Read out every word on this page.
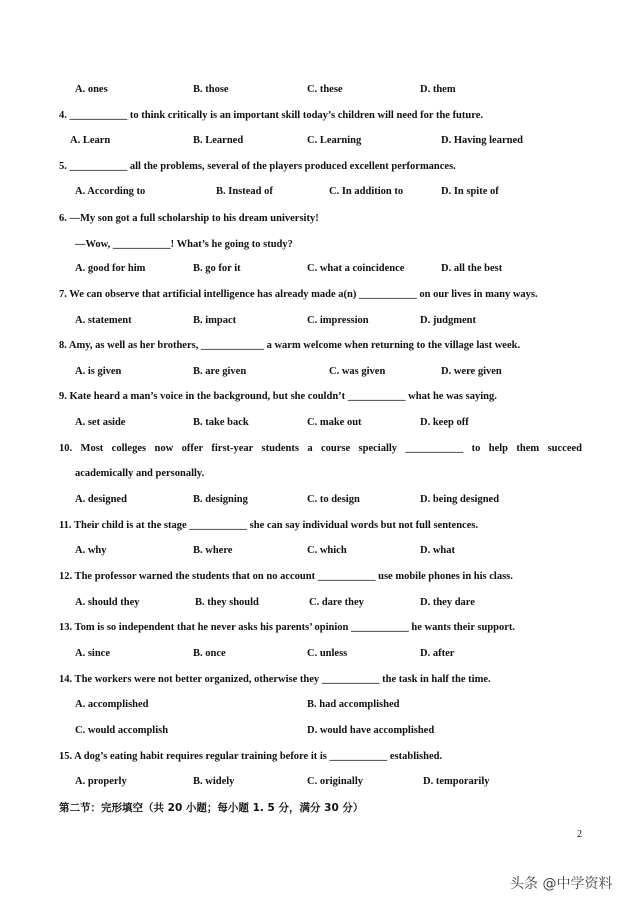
A. ones	B. those	C. these	D. them
4. ___________ to think critically is an important skill today’s children will need for the future.
A. Learn	B. Learned	C. Learning	D. Having learned
5. ___________ all the problems, several of the players produced excellent performances.
A. According to	B. Instead of	C. In addition to	D. In spite of
6. —My son got a full scholarship to his dream university!
—Wow, ___________! What’s he going to study?
A. good for him	B. go for it	C. what a coincidence	D. all the best
7. We can observe that artificial intelligence has already made a(n) ___________ on our lives in many ways.
A. statement	B. impact	C. impression	D. judgment
8. Amy, as well as her brothers, ____________ a warm welcome when returning to the village last week.
A. is given	B. are given	C. was given	D. were given
9. Kate heard a man’s voice in the background, but she couldn’t ___________ what he was saying.
A. set aside	B. take back	C. make out	D. keep off
10. Most colleges now offer first-year students a course specially ___________ to help them succeed
academically and personally.
A. designed	B. designing	C. to design	D. being designed
11. Their child is at the stage ___________ she can say individual words but not full sentences.
A. why	B. where	C. which	D. what
12. The professor warned the students that on no account ___________ use mobile phones in his class.
A. should they	B. they should	C. dare they	D. they dare
13. Tom is so independent that he never asks his parents’ opinion ___________ he wants their support.
A. since	B. once	C. unless	D. after
14. The workers were not better organized, otherwise they ___________ the task in half the time.
A. accomplished	B. had accomplished
C. would accomplish	D. would have accomplished
15. A dog’s eating habit requires regular training before it is ___________ established.
A. properly	B. widely	C. originally	D. temporarily
第二节：完形填空（共 20 小题；每小题 1. 5 分，满分 30 分）
2
头条 @中学资料
